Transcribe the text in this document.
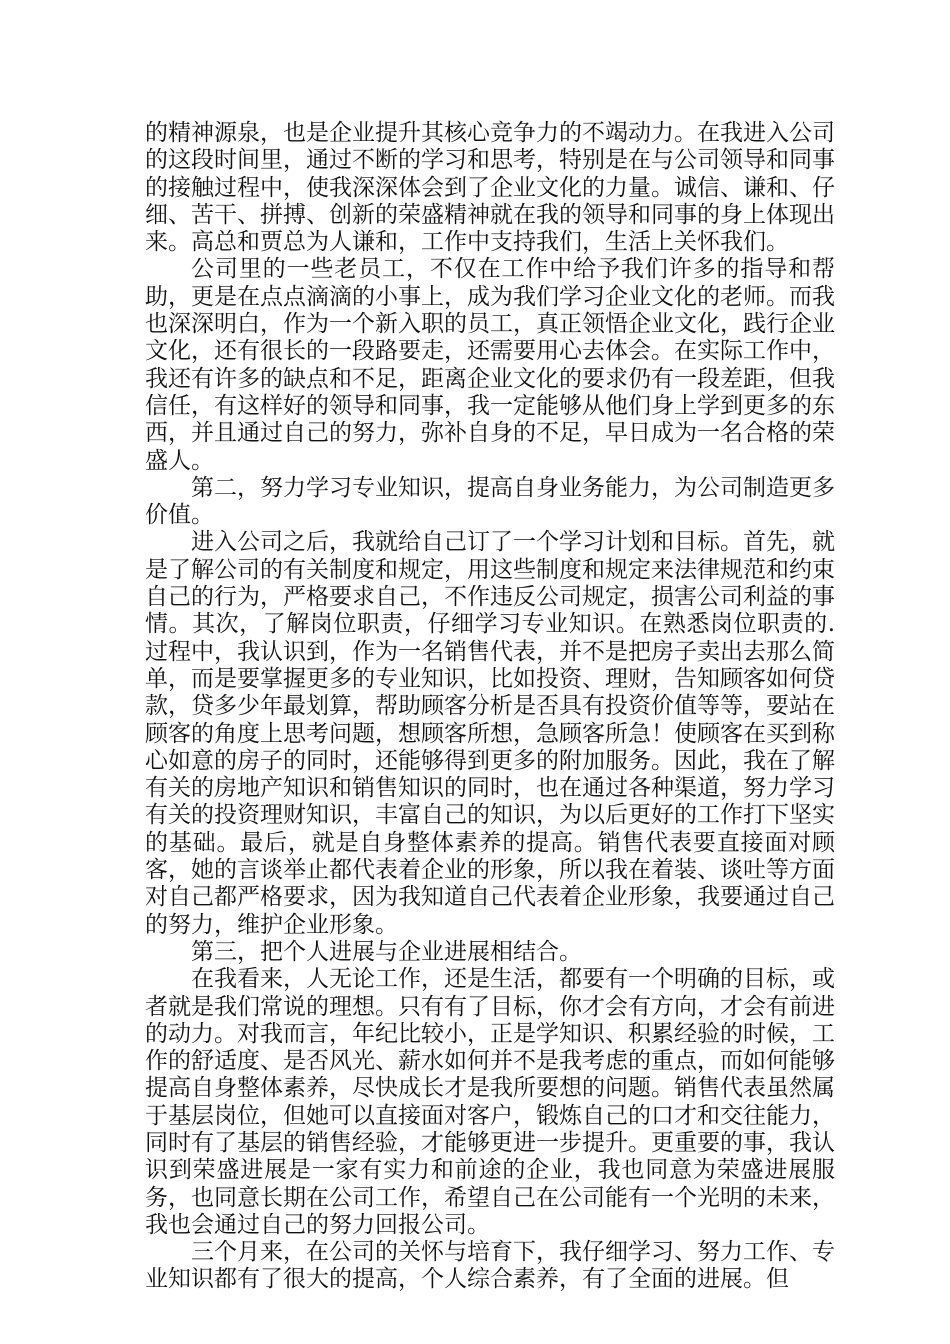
的精神源泉，也是企业提升其核心竞争力的不竭动力。在我进入公司的这段时间里，通过不断的学习和思考，特别是在与公司领导和同事的接触过程中，使我深深体会到了企业文化的力量。诚信、谦和、仔细、苦干、拼搏、创新的荣盛精神就在我的领导和同事的身上体现出来。高总和贾总为人谦和，工作中支持我们，生活上关怀我们。

公司里的一些老员工，不仅在工作中给予我们许多的指导和帮助，更是在点点滴滴的小事上，成为我们学习企业文化的老师。而我也深深明白，作为一个新入职的员工，真正领悟企业文化，践行企业文化，还有很长的一段路要走，还需要用心去体会。在实际工作中，我还有许多的缺点和不足，距离企业文化的要求仍有一段差距，但我信任，有这样好的领导和同事，我一定能够从他们身上学到更多的东西，并且通过自己的努力，弥补自身的不足，早日成为一名合格的荣盛人。

第二，努力学习专业知识，提高自身业务能力，为公司制造更多价值。

进入公司之后，我就给自己订了一个学习计划和目标。首先，就是了解公司的有关制度和规定，用这些制度和规定来法律规范和约束自己的行为，严格要求自己，不作违反公司规定，损害公司利益的事情。其次，了解岗位职责，仔细学习专业知识。在熟悉岗位职责的.过程中，我认识到，作为一名销售代表，并不是把房子卖出去那么简单，而是要掌握更多的专业知识，比如投资、理财，告知顾客如何贷款，贷多少年最划算，帮助顾客分析是否具有投资价值等等，要站在顾客的角度上思考问题，想顾客所想，急顾客所急！使顾客在买到称心如意的房子的同时，还能够得到更多的附加服务。因此，我在了解有关的房地产知识和销售知识的同时，也在通过各种渠道，努力学习有关的投资理财知识，丰富自己的知识，为以后更好的工作打下坚实的基础。最后，就是自身整体素养的提高。销售代表要直接面对顾客，她的言谈举止都代表着企业的形象，所以我在着装、谈吐等方面对自己都严格要求，因为我知道自己代表着企业形象，我要通过自己的努力，维护企业形象。

第三，把个人进展与企业进展相结合。

在我看来，人无论工作，还是生活，都要有一个明确的目标，或者就是我们常说的理想。只有有了目标，你才会有方向，才会有前进的动力。对我而言，年纪比较小，正是学知识、积累经验的时候，工作的舒适度、是否风光、薪水如何并不是我考虑的重点，而如何能够提高自身整体素养，尽快成长才是我所要想的问题。销售代表虽然属于基层岗位，但她可以直接面对客户，锻炼自己的口才和交往能力，同时有了基层的销售经验，才能够更进一步提升。更重要的事，我认识到荣盛进展是一家有实力和前途的企业，我也同意为荣盛进展服务，也同意长期在公司工作，希望自己在公司能有一个光明的未来，我也会通过自己的努力回报公司。

三个月来，在公司的关怀与培育下，我仔细学习、努力工作、专业知识都有了很大的提高，个人综合素养，有了全面的进展。但
